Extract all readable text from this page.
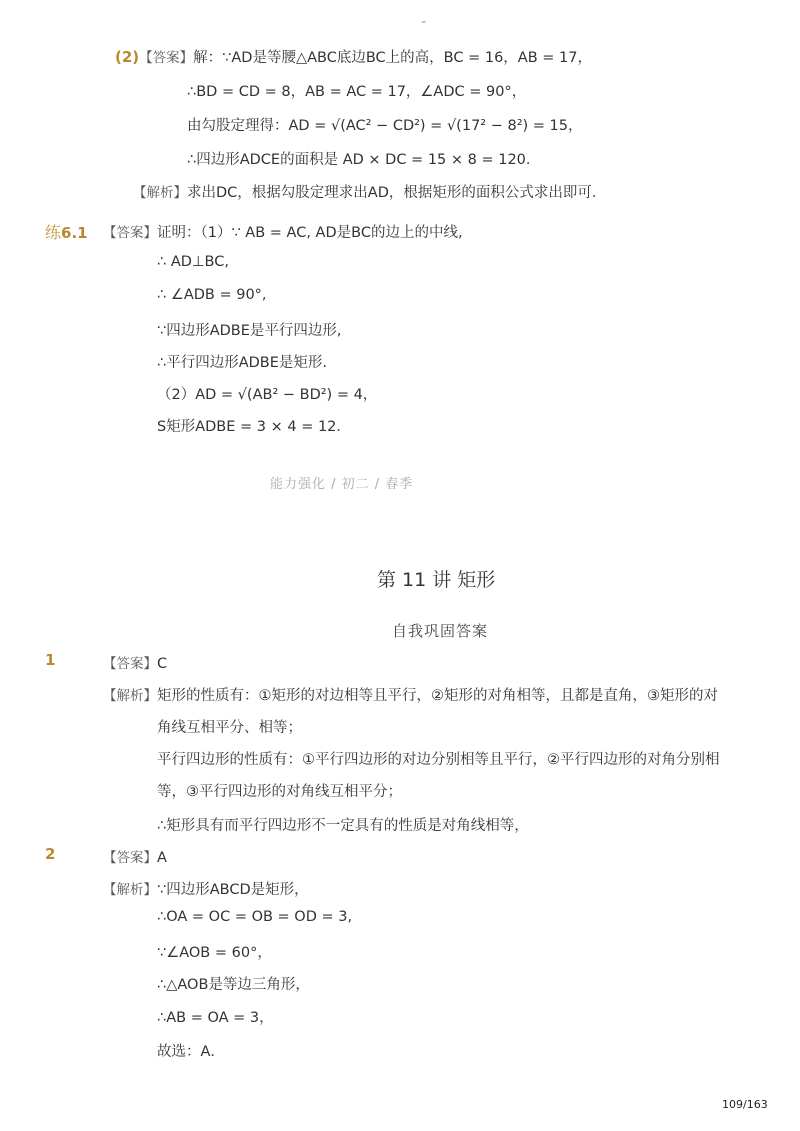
-
(2)【答案】解：∵AD是等腰△ABC底边BC上的高，BC = 16，AB = 17，
∴BD = CD = 8，AB = AC = 17，∠ADC = 90°，
由勾股定理得：AD = √(AC² − CD²) = √(17² − 8²) = 15，
∴四边形ADCE的面积是 AD × DC = 15 × 8 = 120．
【解析】求出DC，根据勾股定理求出AD，根据矩形的面积公式求出即可．
练6.1 【答案】证明：（1）∵ AB = AC, AD是BC的边上的中线,
∴ AD⊥BC,
∴ ∠ADB = 90°,
∵四边形ADBE是平行四边形,
∴平行四边形ADBE是矩形.
（2）AD = √(AB² − BD²) = 4，
S矩形ADBE = 3 × 4 = 12．
能力强化 / 初二 / 春季
第 11 讲 矩形
自我巩固答案
1	【答案】C
【解析】矩形的性质有：①矩形的对边相等且平行，②矩形的对角相等，且都是直角，③矩形的对
角线互相平分、相等；
平行四边形的性质有：①平行四边形的对边分别相等且平行，②平行四边形的对角分别相
等，③平行四边形的对角线互相平分；
∴矩形具有而平行四边形不一定具有的性质是对角线相等，
2	【答案】A
【解析】∵四边形ABCD是矩形，
∴OA = OC = OB = OD = 3,
∵∠AOB = 60°，
∴△AOB是等边三角形，
∴AB = OA = 3，
故选：A．
109/163
